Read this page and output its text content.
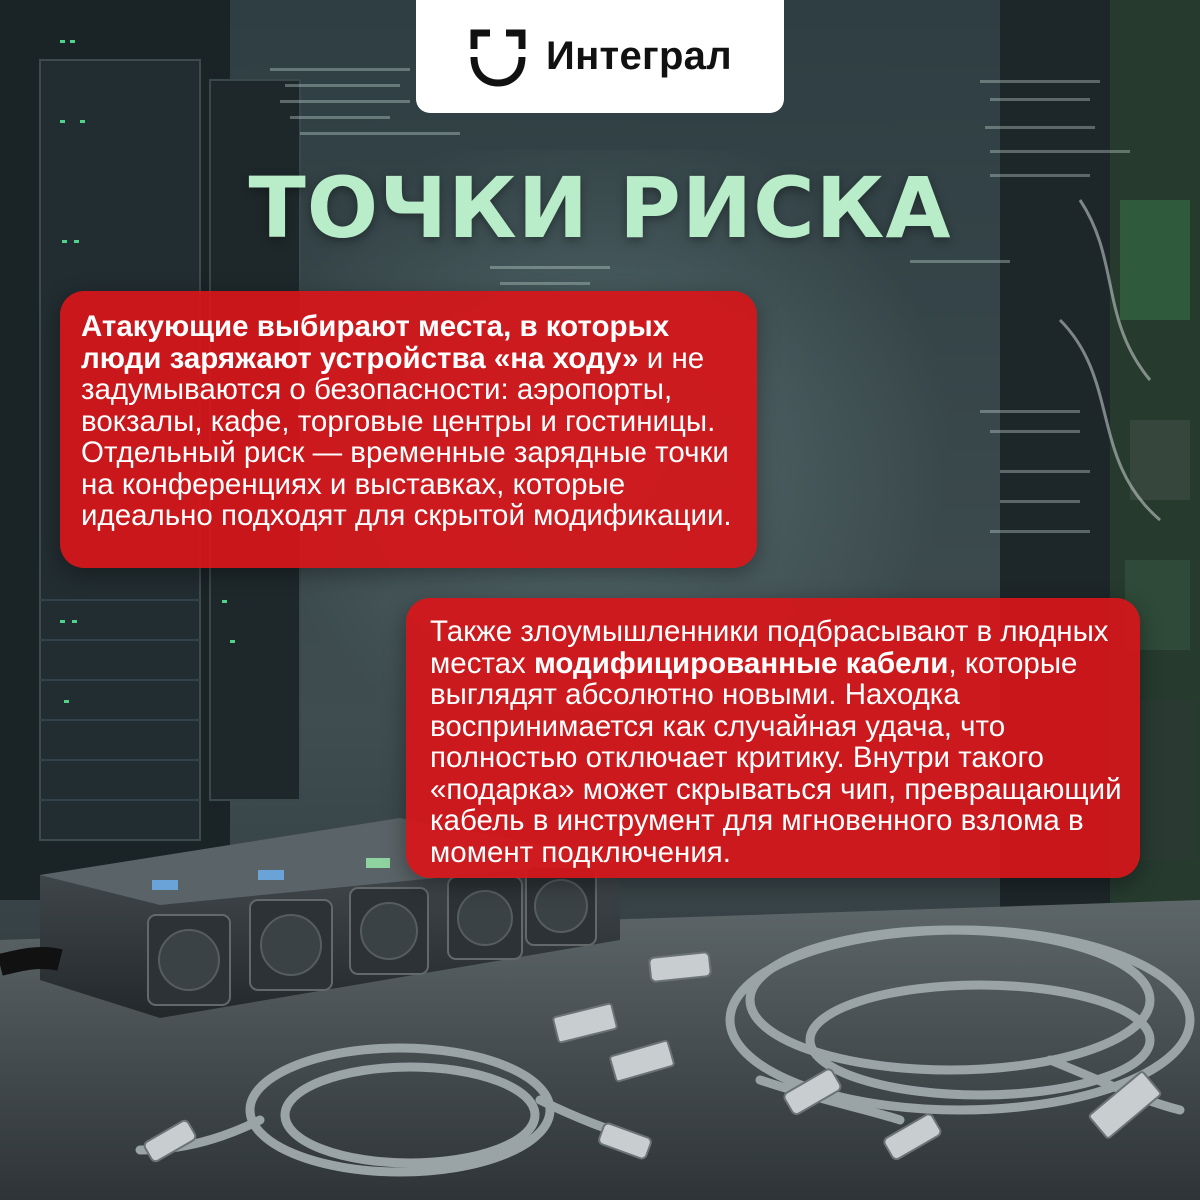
Интеграл
ТОЧКИ РИСКА

Атакующие выбирают места, в которых люди заряжают устройства «на ходу» и не задумываются о безопасности: аэропорты, вокзалы, кафе, торговые центры и гостиницы. Отдельный риск — временные зарядные точки на конференциях и выставках, которые идеально подходят для скрытой модификации.

Также злоумышленники подбрасывают в людных местах модифицированные кабели, которые выглядят абсолютно новыми. Находка воспринимается как случайная удача, что полностью отключает критику. Внутри такого «подарка» может скрываться чип, превращающий кабель в инструмент для мгновенного взлома в момент подключения.
